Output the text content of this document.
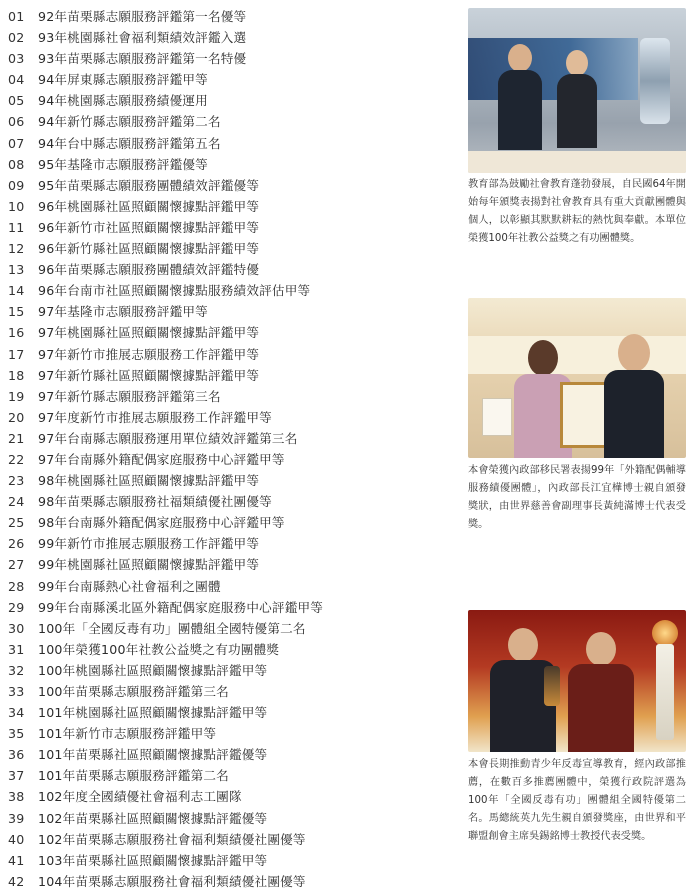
01 92年苗栗縣志願服務評鑑第一名優等
02 93年桃園縣社會福利類績效評鑑入選
03 93年苗栗縣志願服務評鑑第一名特優
04 94年屏東縣志願服務評鑑甲等
05 94年桃園縣志願服務績優運用
06 94年新竹縣志願服務評鑑第二名
07 94年台中縣志願服務評鑑第五名
08 95年基隆市志願服務評鑑優等
09 95年苗栗縣志願服務團體績效評鑑優等
10 96年桃園縣社區照顧關懷據點評鑑甲等
11 96年新竹市社區照顧關懷據點評鑑甲等
12 96年新竹縣社區照顧關懷據點評鑑甲等
13 96年苗栗縣志願服務團體績效評鑑特優
14 96年台南市社區照顧關懷據點服務績效評估甲等
15 97年基隆市志願服務評鑑甲等
16 97年桃園縣社區照顧關懷據點評鑑甲等
17 97年新竹市推展志願服務工作評鑑甲等
18 97年新竹縣社區照顧關懷據點評鑑甲等
19 97年新竹縣志願服務評鑑第三名
20 97年度新竹市推展志願服務工作評鑑甲等
21 97年台南縣志願服務運用單位績效評鑑第三名
22 97年台南縣外籍配偶家庭服務中心評鑑甲等
23 98年桃園縣社區照顧關懷據點評鑑甲等
24 98年苗栗縣志願服務社福類績優社團優等
25 98年台南縣外籍配偶家庭服務中心評鑑甲等
26 99年新竹市推展志願服務工作評鑑甲等
27 99年桃園縣社區照顧關懷據點評鑑甲等
28 99年台南縣熱心社會福利之團體
29 99年台南縣溪北區外籍配偶家庭服務中心評鑑甲等
30 100年「全國反毒有功」團體組全國特優第二名
31 100年榮獲100年社教公益獎之有功團體獎
32 100年桃園縣社區照顧關懷據點評鑑甲等
33 100年苗栗縣志願服務評鑑第三名
34 101年桃園縣社區照顧關懷據點評鑑甲等
35 101年新竹市志願服務評鑑甲等
36 101年苗栗縣社區照顧關懷據點評鑑優等
37 101年苗栗縣志願服務評鑑第二名
38 102年度全國績優社會福利志工團隊
39 102年苗栗縣社區照顧關懷據點評鑑優等
40 102年苗栗縣志願服務社會福利類績優社團優等
41 103年苗栗縣社區照顧關懷據點評鑑甲等
42 104年苗栗縣志願服務社會福利類績優社團優等

教育部為鼓勵社會教育蓬勃發展，自民國64年開始每年頒獎表揚對社會教育具有重大貢獻團體與個人，以彰顯其默默耕耘的熱忱與奉獻。本單位榮獲100年社教公益獎之有功團體獎。

本會榮獲內政部移民署表揚99年「外籍配偶輔導服務績優團體」，內政部長江宜樺博士親自頒發獎狀，由世界慈善會副理事長黃純滿博士代表受獎。

本會長期推動青少年反毒宣導教育，經內政部推薦，在數百多推薦團體中，榮獲行政院評選為100年「全國反毒有功」團體組全國特優第二名。馬總統英九先生親自頒發獎座，由世界和平聯盟創會主席吳錫銘博士教授代表受獎。
